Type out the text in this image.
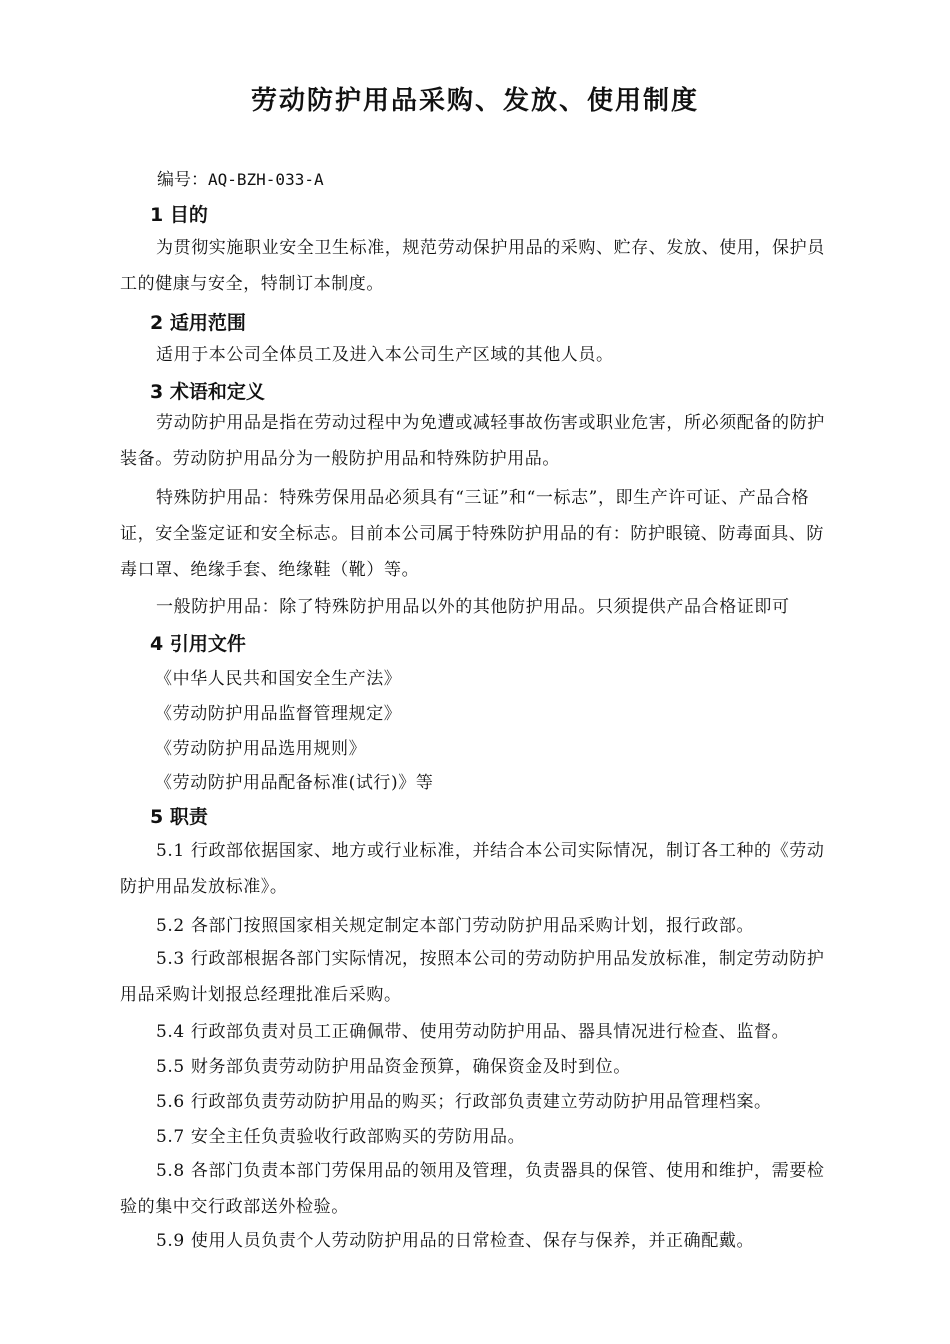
劳动防护用品采购、发放、使用制度
编号：AQ-BZH-033-A
1 目的
为贯彻实施职业安全卫生标准，规范劳动保护用品的采购、贮存、发放、使用，保护员工的健康与安全，特制订本制度。
2 适用范围
适用于本公司全体员工及进入本公司生产区域的其他人员。
3 术语和定义
劳动防护用品是指在劳动过程中为免遭或减轻事故伤害或职业危害，所必须配备的防护装备。劳动防护用品分为一般防护用品和特殊防护用品。
特殊防护用品：特殊劳保用品必须具有“三证”和“一标志”，即生产许可证、产品合格证，安全鉴定证和安全标志。目前本公司属于特殊防护用品的有：防护眼镜、防毒面具、防毒口罩、绝缘手套、绝缘鞋（靴）等。
一般防护用品：除了特殊防护用品以外的其他防护用品。只须提供产品合格证即可
4 引用文件
《中华人民共和国安全生产法》
《劳动防护用品监督管理规定》
《劳动防护用品选用规则》
《劳动防护用品配备标准(试行)》等
5 职责
5.1 行政部依据国家、地方或行业标准，并结合本公司实际情况，制订各工种的《劳动防护用品发放标准》。
5.2 各部门按照国家相关规定制定本部门劳动防护用品采购计划，报行政部。
5.3 行政部根据各部门实际情况，按照本公司的劳动防护用品发放标准，制定劳动防护用品采购计划报总经理批准后采购。
5.4 行政部负责对员工正确佩带、使用劳动防护用品、器具情况进行检查、监督。
5.5 财务部负责劳动防护用品资金预算，确保资金及时到位。
5.6 行政部负责劳动防护用品的购买；行政部负责建立劳动防护用品管理档案。
5.7 安全主任负责验收行政部购买的劳防用品。
5.8 各部门负责本部门劳保用品的领用及管理，负责器具的保管、使用和维护，需要检验的集中交行政部送外检验。
5.9 使用人员负责个人劳动防护用品的日常检查、保存与保养，并正确配戴。
